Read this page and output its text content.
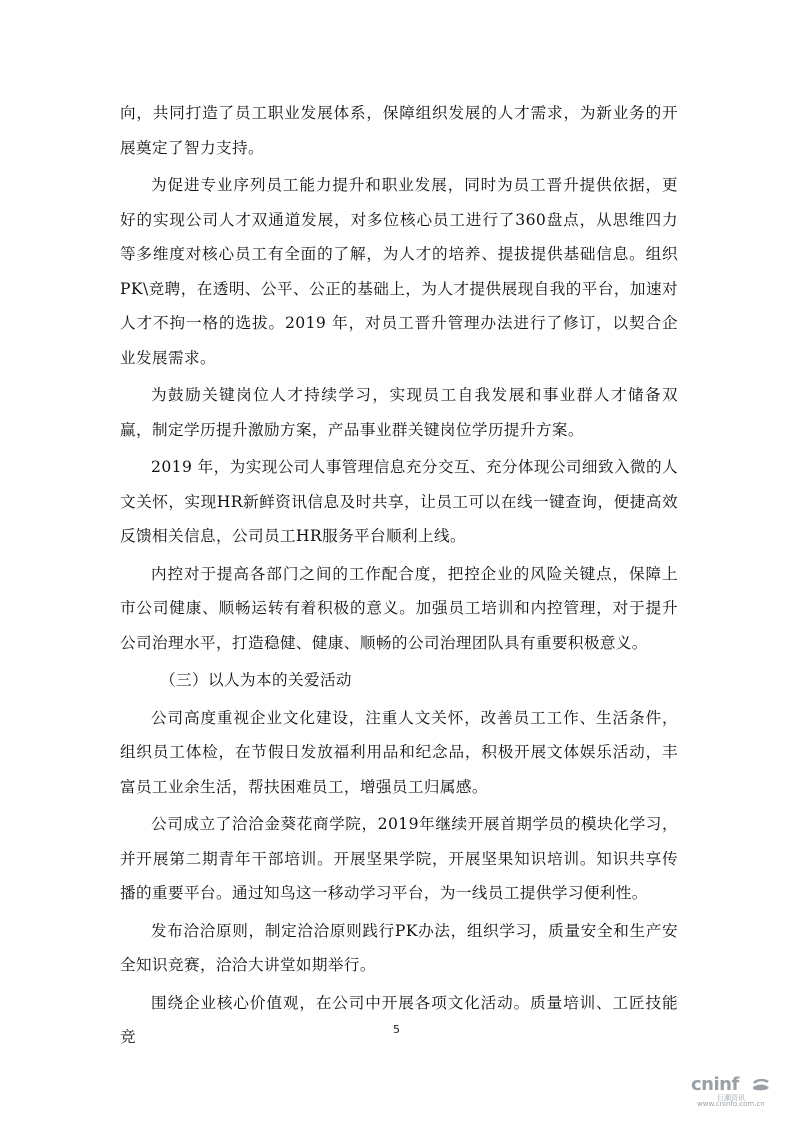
向，共同打造了员工职业发展体系，保障组织发展的人才需求，为新业务的开展奠定了智力支持。

为促进专业序列员工能力提升和职业发展，同时为员工晋升提供依据，更好的实现公司人才双通道发展，对多位核心员工进行了360盘点，从思维四力等多维度对核心员工有全面的了解，为人才的培养、提拔提供基础信息。组织PK\竞聘，在透明、公平、公正的基础上，为人才提供展现自我的平台，加速对人才不拘一格的选拔。2019 年，对员工晋升管理办法进行了修订，以契合企业发展需求。

为鼓励关键岗位人才持续学习，实现员工自我发展和事业群人才储备双赢，制定学历提升激励方案，产品事业群关键岗位学历提升方案。

2019 年，为实现公司人事管理信息充分交互、充分体现公司细致入微的人文关怀，实现HR新鲜资讯信息及时共享，让员工可以在线一键查询，便捷高效反馈相关信息，公司员工HR服务平台顺利上线。

内控对于提高各部门之间的工作配合度，把控企业的风险关键点，保障上市公司健康、顺畅运转有着积极的意义。加强员工培训和内控管理，对于提升公司治理水平，打造稳健、健康、顺畅的公司治理团队具有重要积极意义。

（三）以人为本的关爱活动

公司高度重视企业文化建设，注重人文关怀，改善员工工作、生活条件，组织员工体检，在节假日发放福利用品和纪念品，积极开展文体娱乐活动，丰富员工业余生活，帮扶困难员工，增强员工归属感。

公司成立了洽洽金葵花商学院，2019年继续开展首期学员的模块化学习，并开展第二期青年干部培训。开展坚果学院，开展坚果知识培训。知识共享传播的重要平台。通过知鸟这一移动学习平台，为一线员工提供学习便利性。

发布洽洽原则，制定洽洽原则践行PK办法，组织学习，质量安全和生产安全知识竞赛，洽洽大讲堂如期举行。

围绕企业核心价值观，在公司中开展各项文化活动。质量培训、工匠技能竞	5
cninf
巨潮资讯
www.cninfo.com.cn
